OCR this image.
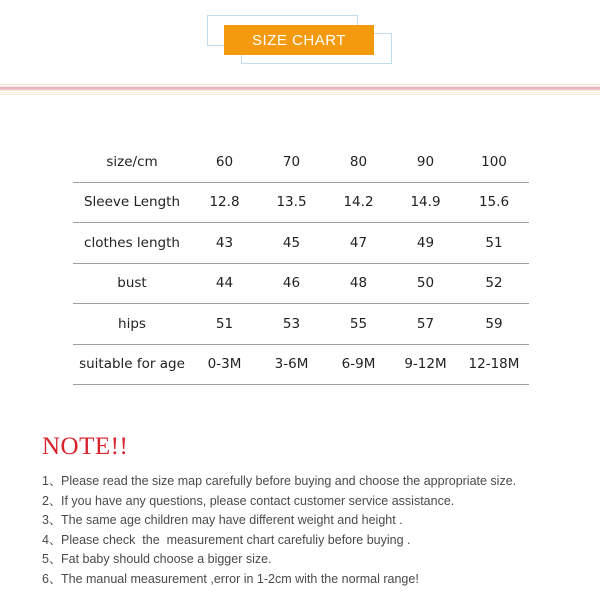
SIZE CHART
size/cm	60	70	80	90	100
Sleeve Length	12.8	13.5	14.2	14.9	15.6
clothes length	43	45	47	49	51
bust	44	46	48	50	52
hips	51	53	55	57	59
suitable for age	0-3M	3-6M	6-9M	9-12M	12-18M
NOTE!!
1、Please read the size map carefully before buying and choose the appropriate size.
2、If you have any questions, please contact customer service assistance.
3、The same age children may have different weight and height .
4、Please check  the  measurement chart carefuliy before buying .
5、Fat baby should choose a bigger size.
6、The manual measurement ,error in 1-2cm with the normal range!
